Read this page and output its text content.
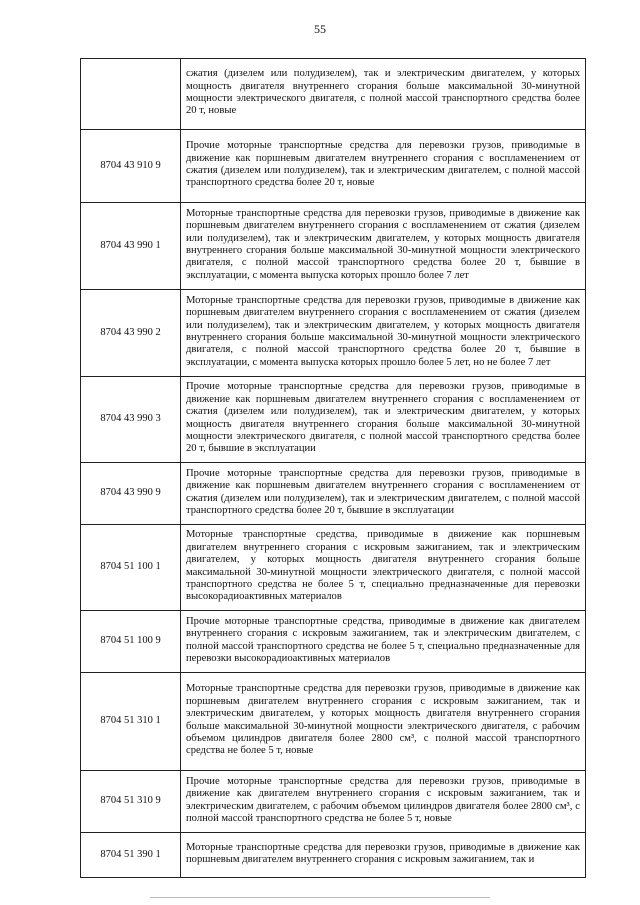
55
	сжатия (дизелем или полудизелем), так и электрическим двигателем, у которых мощность двигателя внутреннего сгорания больше максимальной 30-минутной мощности электрического двигателя, с полной массой транспортного средства более 20 т, новые
8704 43 910 9	Прочие моторные транспортные средства для перевозки грузов, приводимые в движение как поршневым двигателем внутреннего сгорания с воспламенением от сжатия (дизелем или полудизелем), так и электрическим двигателем, с полной массой транспортного средства более 20 т, новые
8704 43 990 1	Моторные транспортные средства для перевозки грузов, приводимые в движение как поршневым двигателем внутреннего сгорания с воспламенением от сжатия (дизелем или полудизелем), так и электрическим двигателем, у которых мощность двигателя внутреннего сгорания больше максимальной 30-минутной мощности электрического двигателя, с полной массой транспортного средства более 20 т, бывшие в эксплуатации, с момента выпуска которых прошло более 7 лет
8704 43 990 2	Моторные транспортные средства для перевозки грузов, приводимые в движение как поршневым двигателем внутреннего сгорания с воспламенением от сжатия (дизелем или полудизелем), так и электрическим двигателем, у которых мощность двигателя внутреннего сгорания больше максимальной 30-минутной мощности электрического двигателя, с полной массой транспортного средства более 20 т, бывшие в эксплуатации, с момента выпуска которых прошло более 5 лет, но не более 7 лет
8704 43 990 3	Прочие моторные транспортные средства для перевозки грузов, приводимые в движение как поршневым двигателем внутреннего сгорания с воспламенением от сжатия (дизелем или полудизелем), так и электрическим двигателем, у которых мощность двигателя внутреннего сгорания больше максимальной 30-минутной мощности электрического двигателя, с полной массой транспортного средства более 20 т, бывшие в эксплуатации
8704 43 990 9	Прочие моторные транспортные средства для перевозки грузов, приводимые в движение как поршневым двигателем внутреннего сгорания с воспламенением от сжатия (дизелем или полудизелем), так и электрическим двигателем, с полной массой транспортного средства более 20 т, бывшие в эксплуатации
8704 51 100 1	Моторные транспортные средства, приводимые в движение как поршневым двигателем внутреннего сгорания с искровым зажиганием, так и электрическим двигателем, у которых мощность двигателя внутреннего сгорания больше максимальной 30-минутной мощности электрического двигателя, с полной массой транспортного средства не более 5 т, специально предназначенные для перевозки высокорадиоактивных материалов
8704 51 100 9	Прочие моторные транспортные средства, приводимые в движение как двигателем внутреннего сгорания с искровым зажиганием, так и электрическим двигателем, с полной массой транспортного средства не более 5 т, специально предназначенные для перевозки высокорадиоактивных материалов
8704 51 310 1	Моторные транспортные средства для перевозки грузов, приводимые в движение как поршневым двигателем внутреннего сгорания с искровым зажиганием, так и электрическим двигателем, у которых мощность двигателя внутреннего сгорания больше максимальной 30-минутной мощности электрического двигателя, с рабочим объемом цилиндров двигателя более 2800 см³, с полной массой транспортного средства не более 5 т, новые
8704 51 310 9	Прочие моторные транспортные средства для перевозки грузов, приводимые в движение как двигателем внутреннего сгорания с искровым зажиганием, так и электрическим двигателем, с рабочим объемом цилиндров двигателя более 2800 см³, с полной массой транспортного средства не более 5 т, новые
8704 51 390 1	Моторные транспортные средства для перевозки грузов, приводимые в движение как поршневым двигателем внутреннего сгорания с искровым зажиганием, так и
